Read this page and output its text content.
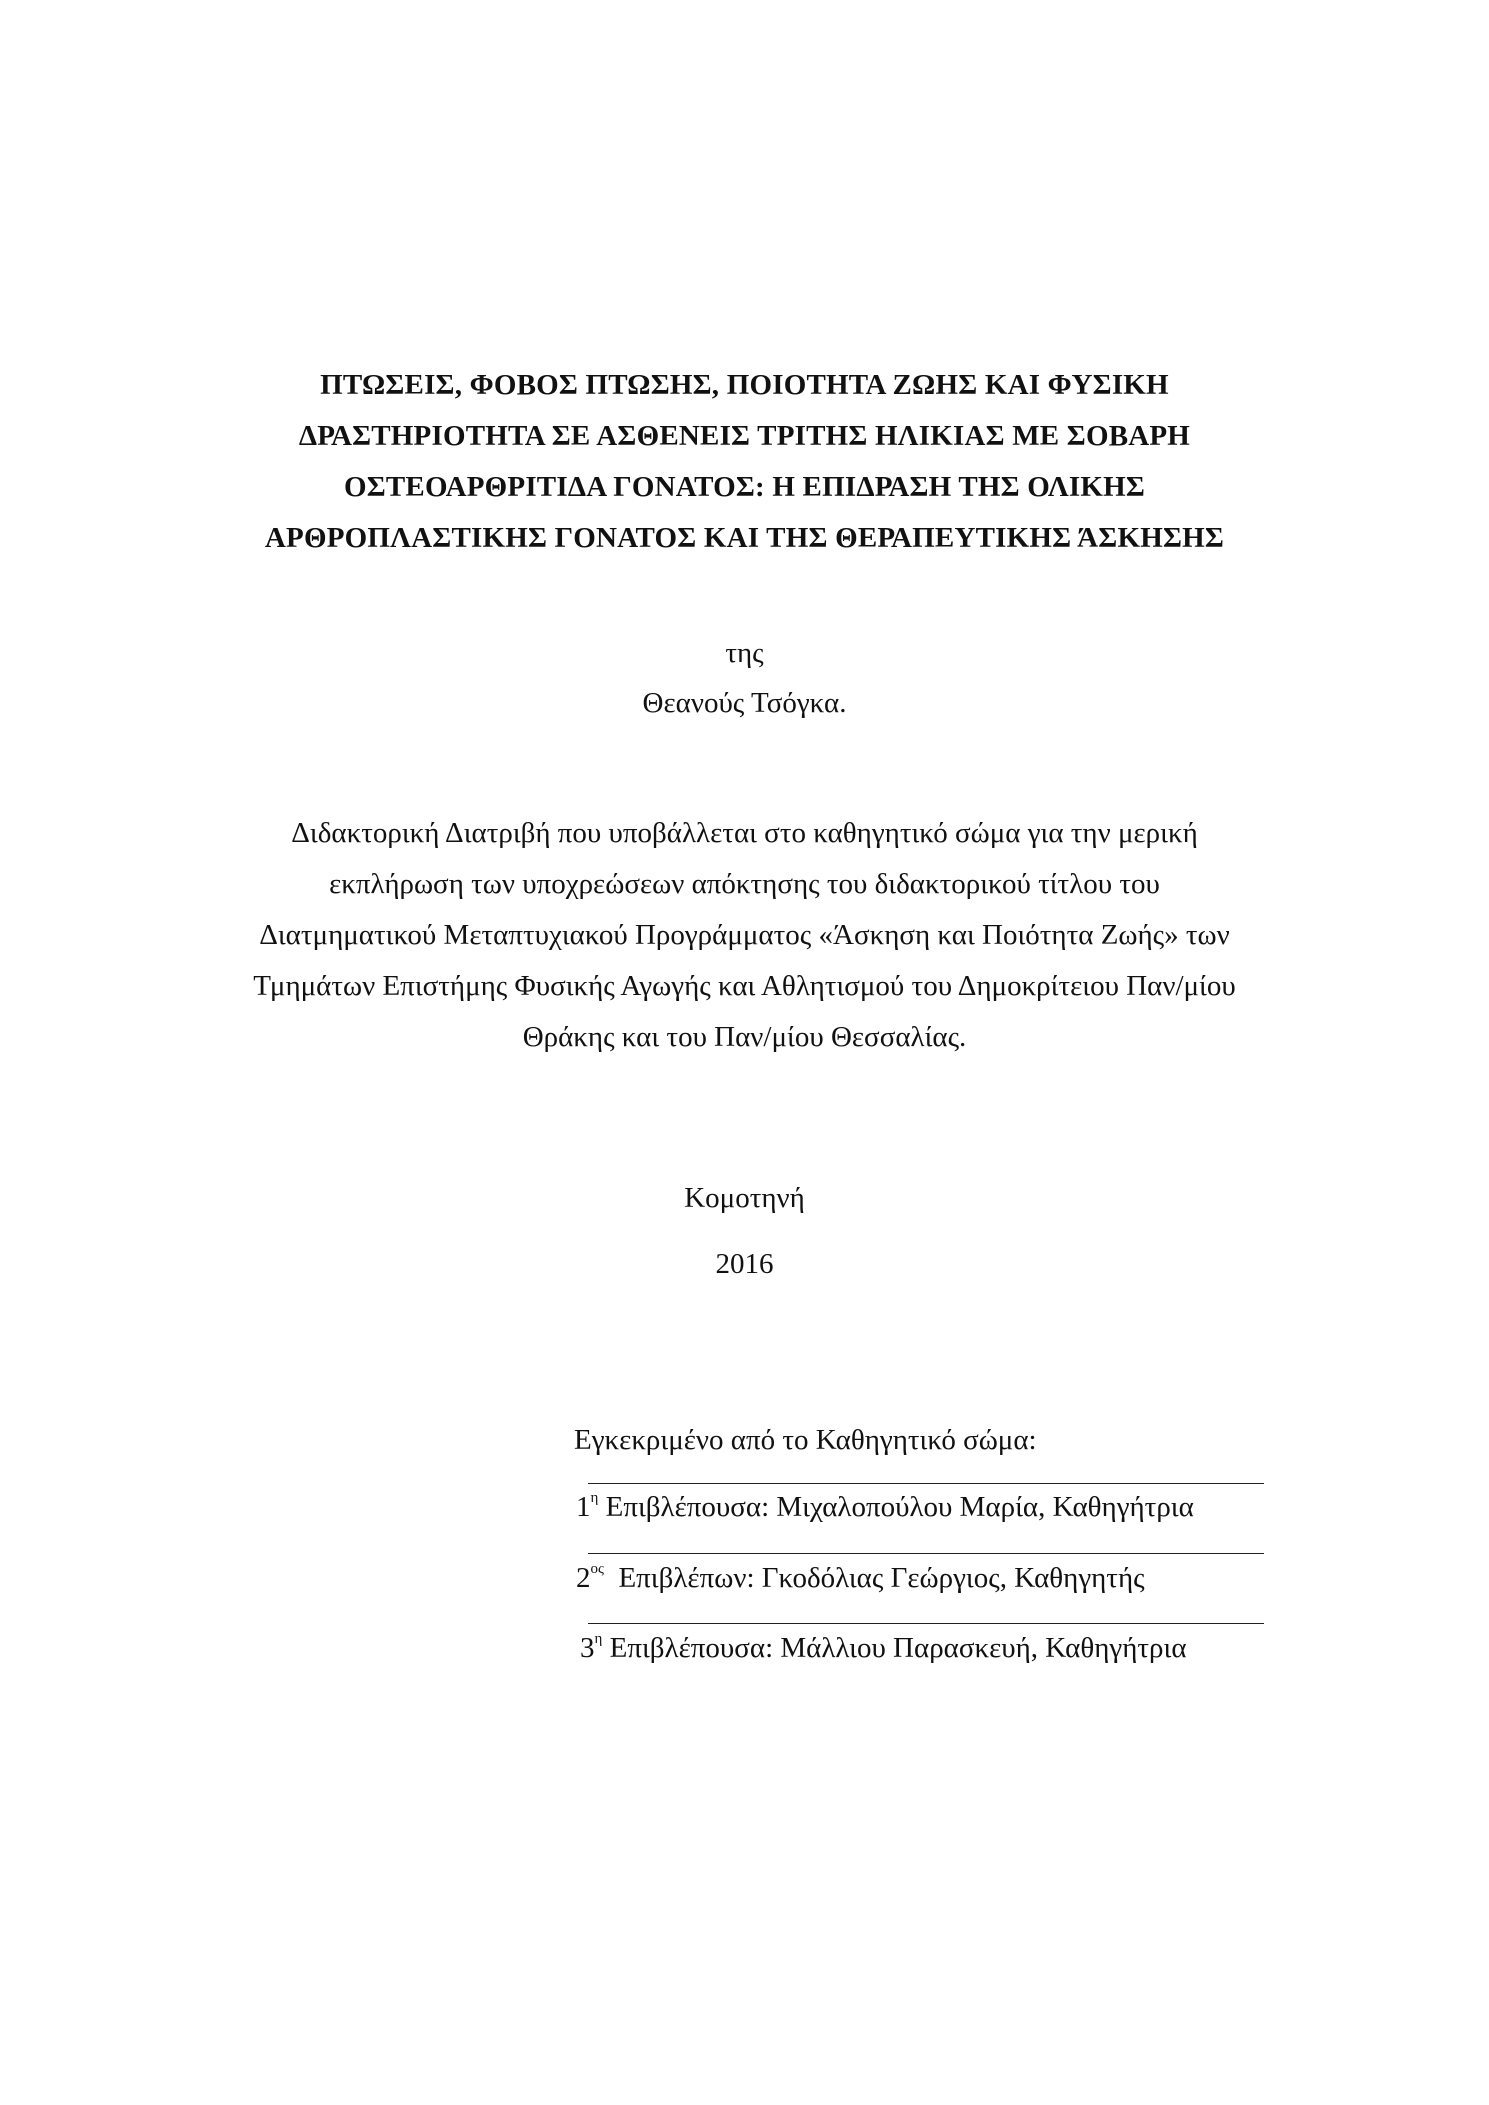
ΠΤΩΣΕΙΣ, ΦΟΒΟΣ ΠΤΩΣΗΣ, ΠΟΙΟΤΗΤΑ ΖΩΗΣ ΚΑΙ ΦΥΣΙΚΗ
ΔΡΑΣΤΗΡΙΟΤΗΤΑ ΣΕ ΑΣΘΕΝΕΙΣ ΤΡΙΤΗΣ ΗΛΙΚΙΑΣ ΜΕ ΣΟΒΑΡΗ
ΟΣΤΕΟΑΡΘΡΙΤΙΔΑ ΓΟΝΑΤΟΣ: Η ΕΠΙΔΡΑΣΗ ΤΗΣ ΟΛΙΚΗΣ
ΑΡΘΡΟΠΛΑΣΤΙΚΗΣ ΓΟΝΑΤΟΣ ΚΑΙ ΤΗΣ ΘΕΡΑΠΕΥΤΙΚΗΣ ΆΣΚΗΣΗΣ
της
Θεανούς Τσόγκα.
Διδακτορική Διατριβή που υποβάλλεται στο καθηγητικό σώμα για την μερική
εκπλήρωση των υποχρεώσεων απόκτησης του διδακτορικού τίτλου του
Διατμηματικού Μεταπτυχιακού Προγράμματος «Άσκηση και Ποιότητα Ζωής» των
Τμημάτων Επιστήμης Φυσικής Αγωγής και Αθλητισμού του Δημοκρίτειου Παν/μίου
Θράκης και του Παν/μίου Θεσσαλίας.
Κομοτηνή
2016
Εγκεκριμένο από το Καθηγητικό σώμα:
$1^\eta$ Επιβλέπουσα: Μιχαλοπούλου Μαρία, Καθηγήτρια
$2^{o\varsigma}$ Επιβλέπων: Γκοδόλιας Γεώργιος, Καθηγητής
$3^\eta$ Επιβλέπουσα: Μάλλιου Παρασκευή, Καθηγήτρια
